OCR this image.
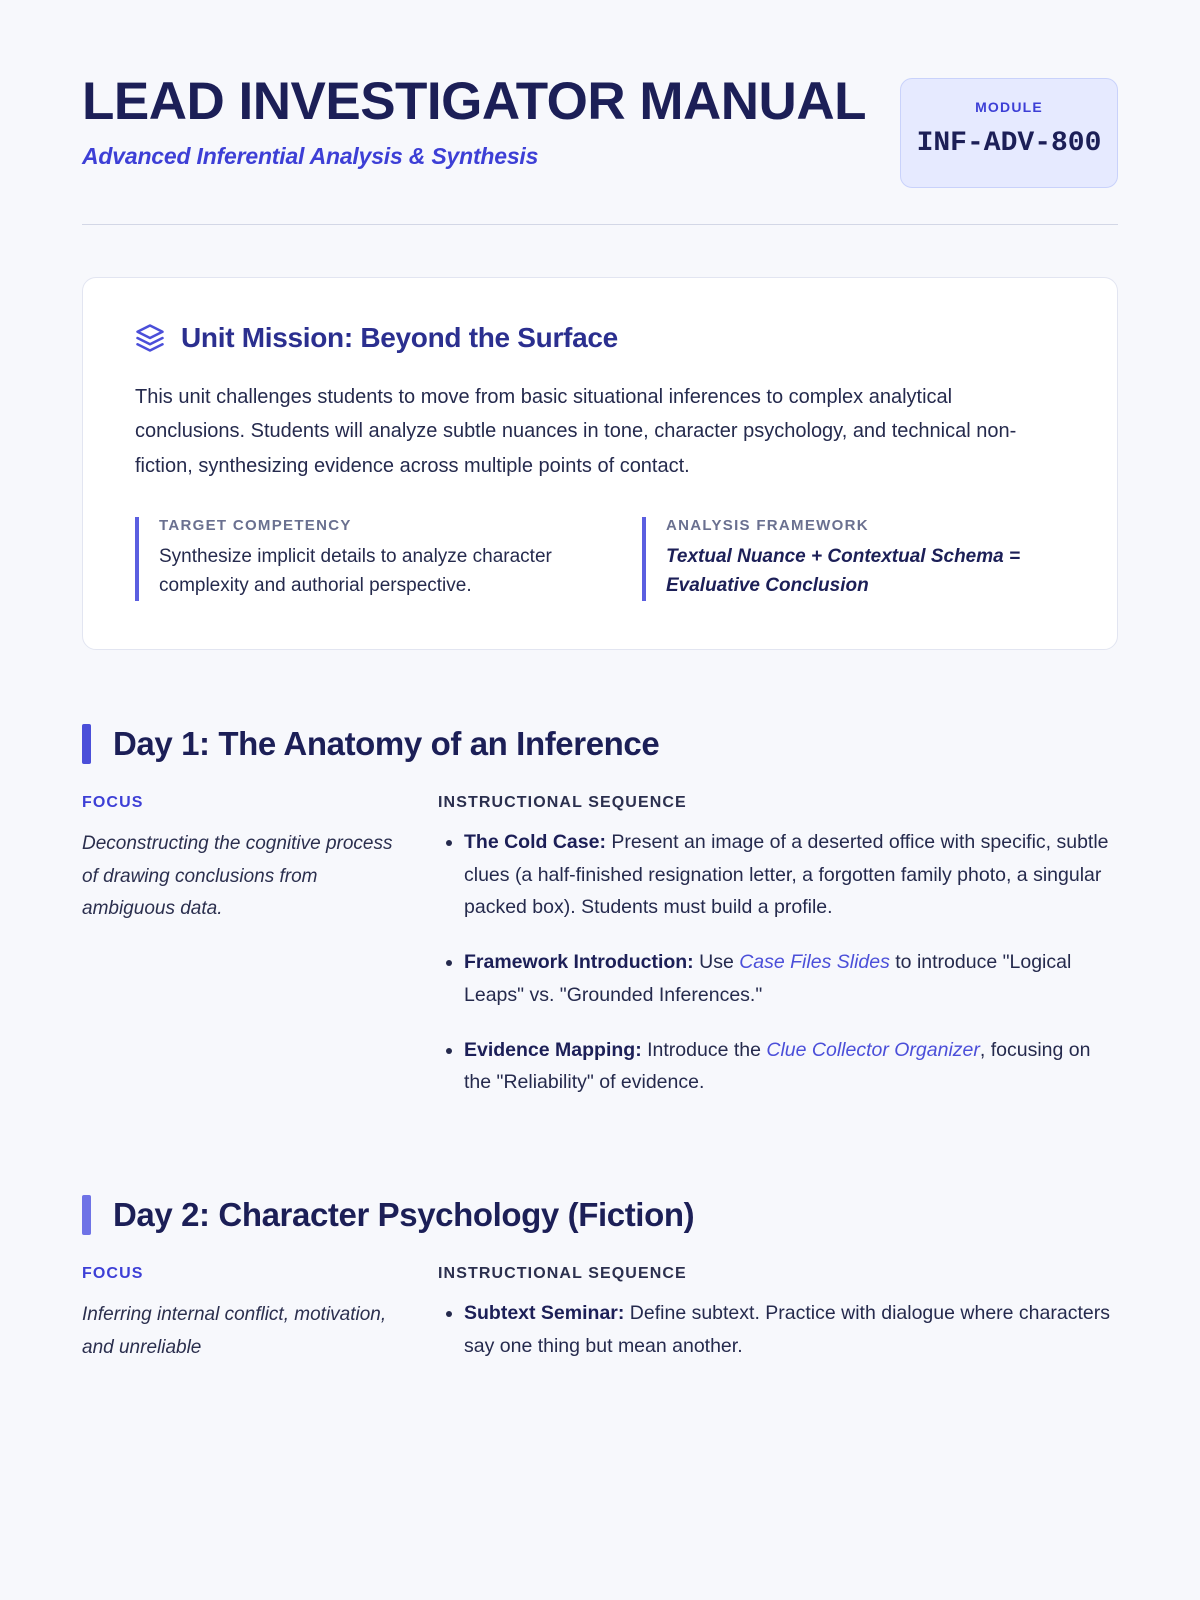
LEAD INVESTIGATOR MANUAL
Advanced Inferential Analysis & Synthesis
MODULE
INF-ADV-800
Unit Mission: Beyond the Surface

This unit challenges students to move from basic situational inferences to complex analytical conclusions. Students will analyze subtle nuances in tone, character psychology, and technical non-fiction, synthesizing evidence across multiple points of contact.

TARGET COMPETENCY
Synthesize implicit details to analyze character complexity and authorial perspective.
ANALYSIS FRAMEWORK
Textual Nuance + Contextual Schema = Evaluative Conclusion
Day 1: The Anatomy of an Inference
FOCUS
Deconstructing the cognitive process of drawing conclusions from ambiguous data.
INSTRUCTIONAL SEQUENCE
• The Cold Case: Present an image of a deserted office with specific, subtle clues (a half-finished resignation letter, a forgotten family photo, a singular packed box). Students must build a profile.
• Framework Introduction: Use Case Files Slides to introduce "Logical Leaps" vs. "Grounded Inferences."
• Evidence Mapping: Introduce the Clue Collector Organizer, focusing on the "Reliability" of evidence.
Day 2: Character Psychology (Fiction)
FOCUS
Inferring internal conflict, motivation, and unreliable
INSTRUCTIONAL SEQUENCE
• Subtext Seminar: Define subtext. Practice with dialogue where characters say one thing but mean another.
